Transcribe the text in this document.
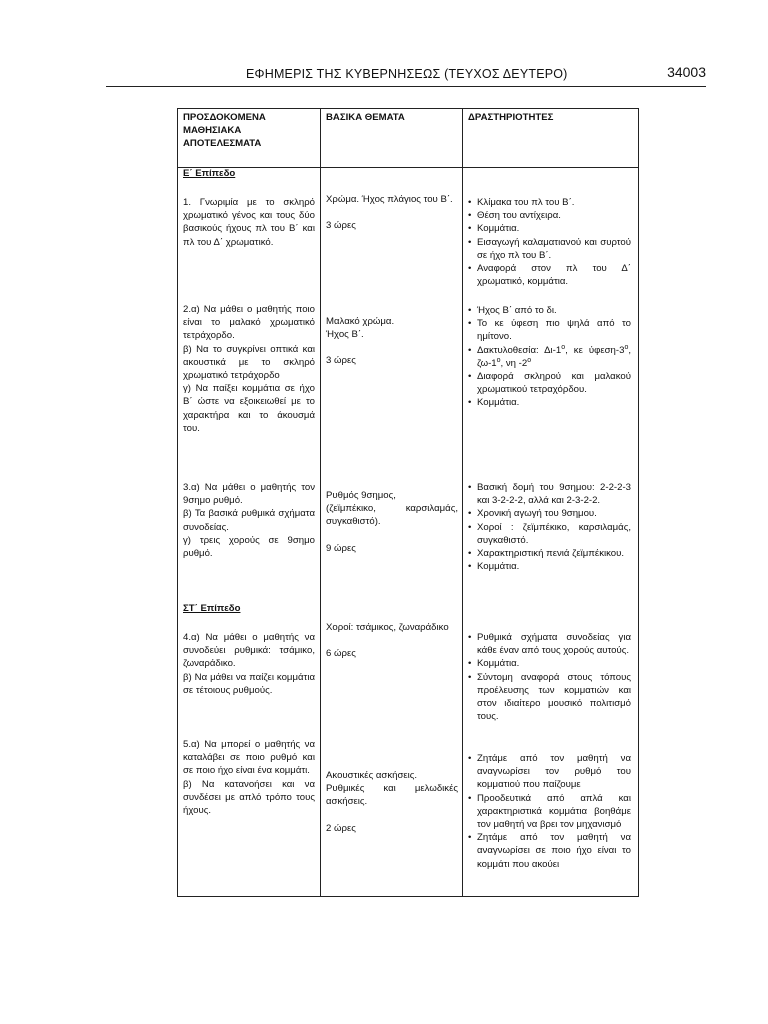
ΕΦΗΜΕΡΙΣ ΤΗΣ ΚΥΒΕΡΝΗΣΕΩΣ (ΤΕΥΧΟΣ ΔΕΥΤΕΡΟ)	34003
ΠΡΟΣΔΟΚΟΜΕΝΑ ΜΑΘΗΣΙΑΚΑ ΑΠΟΤΕΛΕΣΜΑΤΑ
ΒΑΣΙΚΑ ΘΕΜΑΤΑ	ΔΡΑΣΤΗΡΙΟΤΗΤΕΣ
Ε΄ Επίπεδο
1. Γνωριμία με το σκληρό χρωματικό γένος και τους δύο βασικούς ήχους πλ του Β΄ και πλ του Δ΄ χρωματικό.
Χρώμα. Ήχος πλάγιος του Β΄.
3 ώρες
• Κλίμακα του πλ του Β΄.
• Θέση του αντίχειρα.
• Κομμάτια.
• Εισαγωγή καλαματιανού και συρτού σε ήχο πλ του Β΄.
• Αναφορά στον πλ του Δ΄ χρωματικό, κομμάτια.
2.α) Να μάθει ο μαθητής ποιο είναι το μαλακό χρωματικό τετράχορδο.
β) Να το συγκρίνει οπτικά και ακουστικά με το σκληρό χρωματικό τετράχορδο
γ) Να παίξει κομμάτια σε ήχο Β΄ ώστε να εξοικειωθεί με το χαρακτήρα και το άκουσμά του.
Μαλακό χρώμα.
Ήχος Β΄.
3 ώρες
• Ήχος Β΄ από το δι.
• Το κε ύφεση πιο ψηλά από το ημίτονο.
• Δακτυλοθεσία: $\Delta\iota-1^o$, κε ύφεση-$3^o$, $\zeta\omega-1^o$, νη $-2^o$
• Διαφορά σκληρού και μαλακού χρωματικού τετραχόρδου.
• Κομμάτια.
3.α) Να μάθει ο μαθητής τον 9σημο ρυθμό.
β) Τα βασικά ρυθμικά σχήματα συνοδείας.
γ) τρεις χορούς σε 9σημο ρυθμό.
Ρυθμός 9σημος,
(ζεϊμπέκικο, καρσιλαμάς, συγκαθιστό).
9 ώρες
• Βασική δομή του 9σημου: 2-2-2-3 και 3-2-2-2, αλλά και 2-3-2-2.
• Χρονική αγωγή του 9σημου.
• Χοροί : ζεϊμπέκικο, καρσιλαμάς, συγκαθιστό.
• Χαρακτηριστική πενιά ζεϊμπέκικου.
• Κομμάτια.
ΣΤ΄ Επίπεδο
4.α) Να μάθει ο μαθητής να συνοδεύει ρυθμικά: τσάμικο, ζωναράδικο.
β) Να μάθει να παίζει κομμάτια σε τέτοιους ρυθμούς.
Χοροί: τσάμικος, ζωναράδικο
6 ώρες
• Ρυθμικά σχήματα συνοδείας για κάθε έναν από τους χορούς αυτούς.
• Κομμάτια.
• Σύντομη αναφορά στους τόπους προέλευσης των κομματιών και στον ιδιαίτερο μουσικό πολιτισμό τους.
5.α) Να μπορεί ο μαθητής να καταλάβει σε ποιο ρυθμό και σε ποιο ήχο είναι ένα κομμάτι.
β) Να κατανοήσει και να συνδέσει με απλό τρόπο τους ήχους.
Ακουστικές ασκήσεις.
Ρυθμικές και μελωδικές ασκήσεις.
2 ώρες
• Ζητάμε από τον μαθητή να αναγνωρίσει τον ρυθμό του κομματιού που παίζουμε
• Προοδευτικά από απλά και χαρακτηριστικά κομμάτια βοηθάμε τον μαθητή να βρει τον μηχανισμό
• Ζητάμε από τον μαθητή να αναγνωρίσει σε ποιο ήχο είναι το κομμάτι που ακούει
